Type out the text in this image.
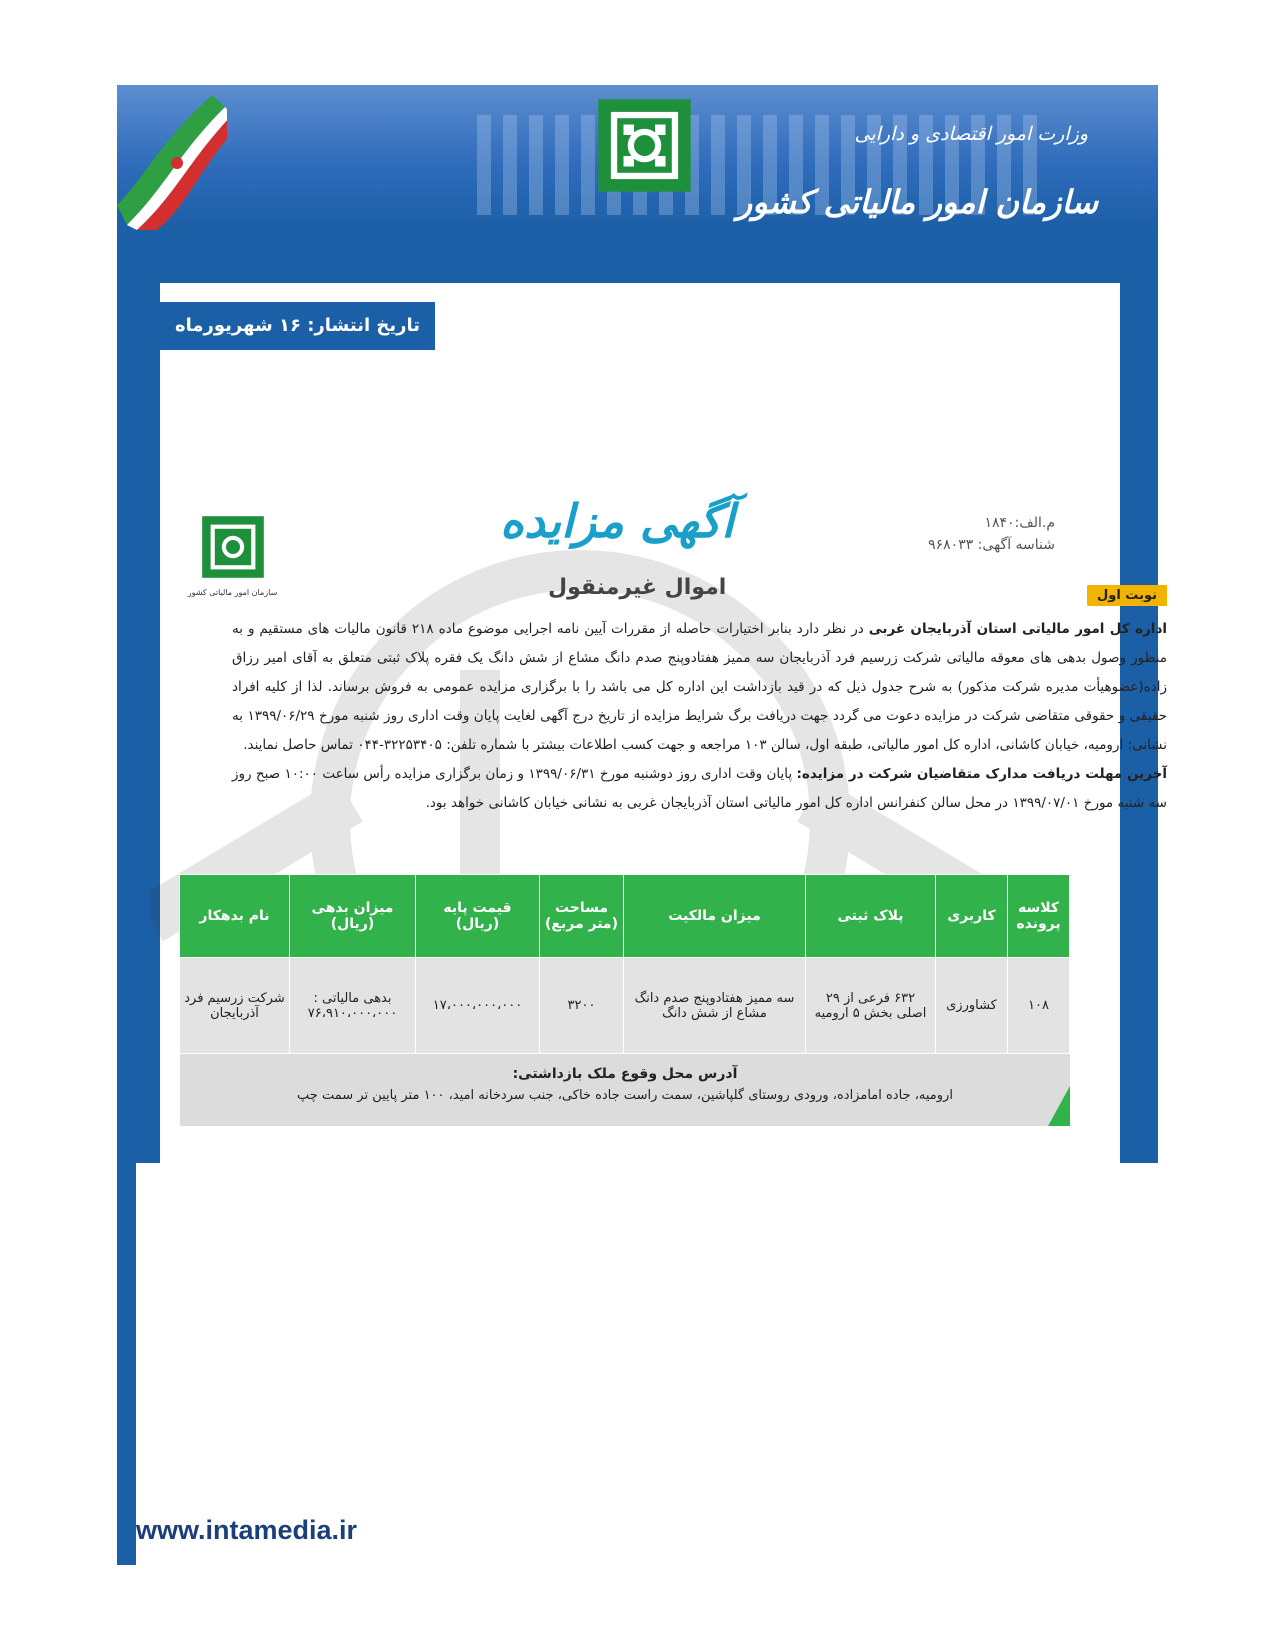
وزارت امور اقتصادی و دارایی
سازمان امور مالیاتی کشور
تاریخ انتشار: ۱۶ شهریورماه ۱۳۹۹
م.الف:۱۸۴۰
شناسه آگهی: ۹۶۸۰۳۳
آگهی مزایده
اموال غیرمنقول	نوبت اول
سازمان امور مالیاتی کشور
اداره کل امور مالیاتی استان آذربایجان غربی در نظر دارد بنابر اختیارات حاصله از مقررات آیین نامه اجرایی موضوع ماده ۲۱۸ قانون مالیات های مستقیم و به منظور وصول بدهی های معوقه مالیاتی شرکت زرسیم فرد آذربایجان سه ممیز هفتادوپنج صدم دانگ مشاع از شش دانگ یک فقره پلاک ثبتی متعلق به آقای امیر رزاق زاده(عضوهیأت مدیره شرکت مذکور) به شرح جدول ذیل که در قید بازداشت این اداره کل می باشد را با برگزاری مزایده عمومی به فروش برساند. لذا از کلیه افراد حقیقی و حقوقی متقاضی شرکت در مزایده دعوت می گردد جهت دریافت برگ شرایط مزایده از تاریخ درج آگهی لغایت پایان وقت اداری روز شنبه مورخ ۱۳۹۹/۰۶/۲۹ به نشانی: ارومیه، خیابان کاشانی، اداره کل امور مالیاتی، طبقه اول، سالن ۱۰۳ مراجعه و جهت کسب اطلاعات بیشتر با شماره تلفن: ۳۲۲۵۳۴۰۵-۰۴۴ تماس حاصل نمایند.
آخرین مهلت دریافت مدارک متقاضیان شرکت در مزایده: پایان وقت اداری روز دوشنبه مورخ ۱۳۹۹/۰۶/۳۱ و زمان برگزاری مزایده رأس ساعت ۱۰:۰۰ صبح روز سه شنبه مورخ ۱۳۹۹/۰۷/۰۱ در محل سالن کنفرانس اداره کل امور مالیاتی استان آذربایجان غربی به نشانی خیابان کاشانی خواهد بود.
کلاسه پرونده	کاربری	پلاک ثبتی	میزان مالکیت	مساحت (متر مربع)	قیمت پایه (ریال)	میزان بدهی (ریال)	نام بدهکار
۱۰۸	کشاورزی	۶۳۲ فرعی از ۲۹ اصلی بخش ۵ ارومیه	سه ممیز هفتادوپنج صدم دانگ مشاع از شش دانگ	۳۲۰۰	۱۷،۰۰۰،۰۰۰،۰۰۰	بدهی مالیاتی : ۷۶،۹۱۰،۰۰۰،۰۰۰	شرکت زرسیم فرد آذربایجان
آدرس محل وقوع ملک بازداشتی:
ارومیه، جاده امامزاده، ورودی روستای گلپاشین، سمت راست جاده خاکی، جنب سردخانه امید، ۱۰۰ متر پایین تر سمت چپ
www.intamedia.ir
